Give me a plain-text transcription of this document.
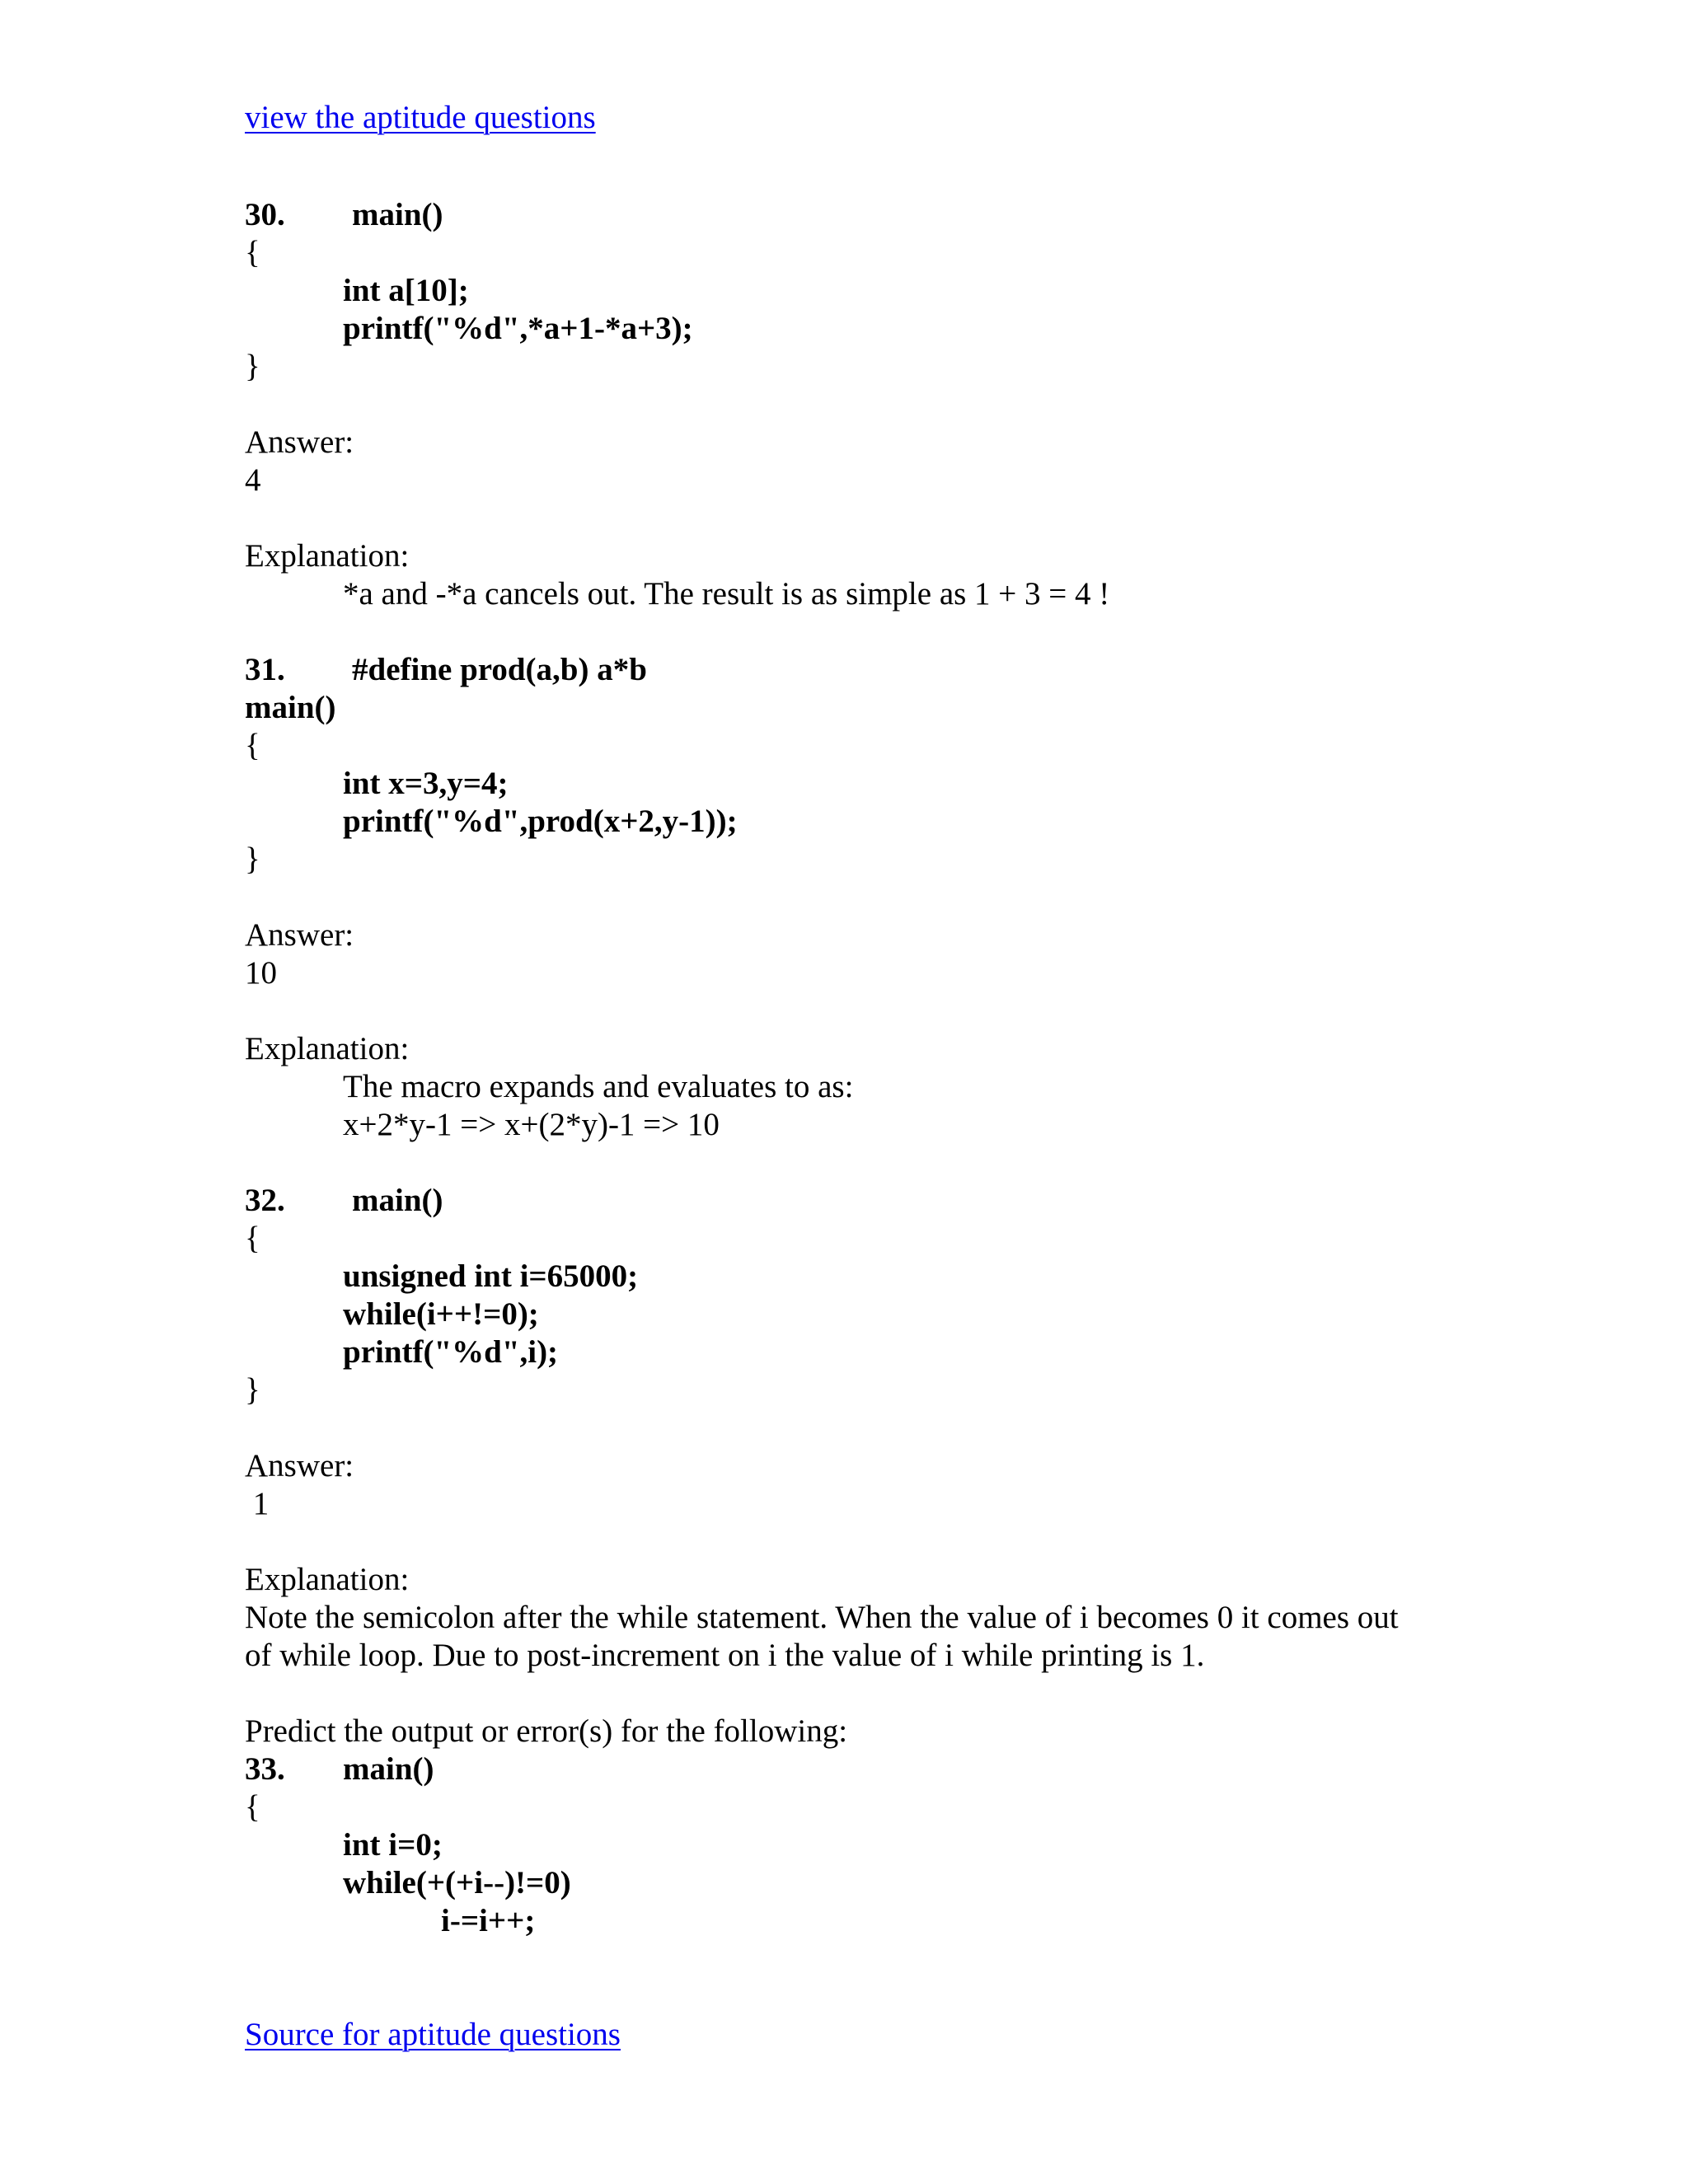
view the aptitude questions

30. main()

{

int a[10];

printf("%d",*a+1-*a+3);

}

Answer:

4

Explanation:

*a and -*a cancels out. The result is as simple as 1 + 3 = 4 !

31. #define prod(a,b) a*b

main()

{

int x=3,y=4;

printf("%d",prod(x+2,y-1));

}

Answer:

10

Explanation:

The macro expands and evaluates to as:

x+2*y-1 => x+(2*y)-1 => 10

32. main()

{

unsigned int i=65000;

while(i++!=0);

printf("%d",i);

}

Answer:

1

Explanation:

Note the semicolon after the while statement. When the value of i becomes 0 it comes out

of while loop. Due to post-increment on i the value of i while printing is 1.

Predict the output or error(s) for the following:

33. main()

{

int i=0;

while(+(+i--)!=0)

i-=i++;

Source for aptitude questions
